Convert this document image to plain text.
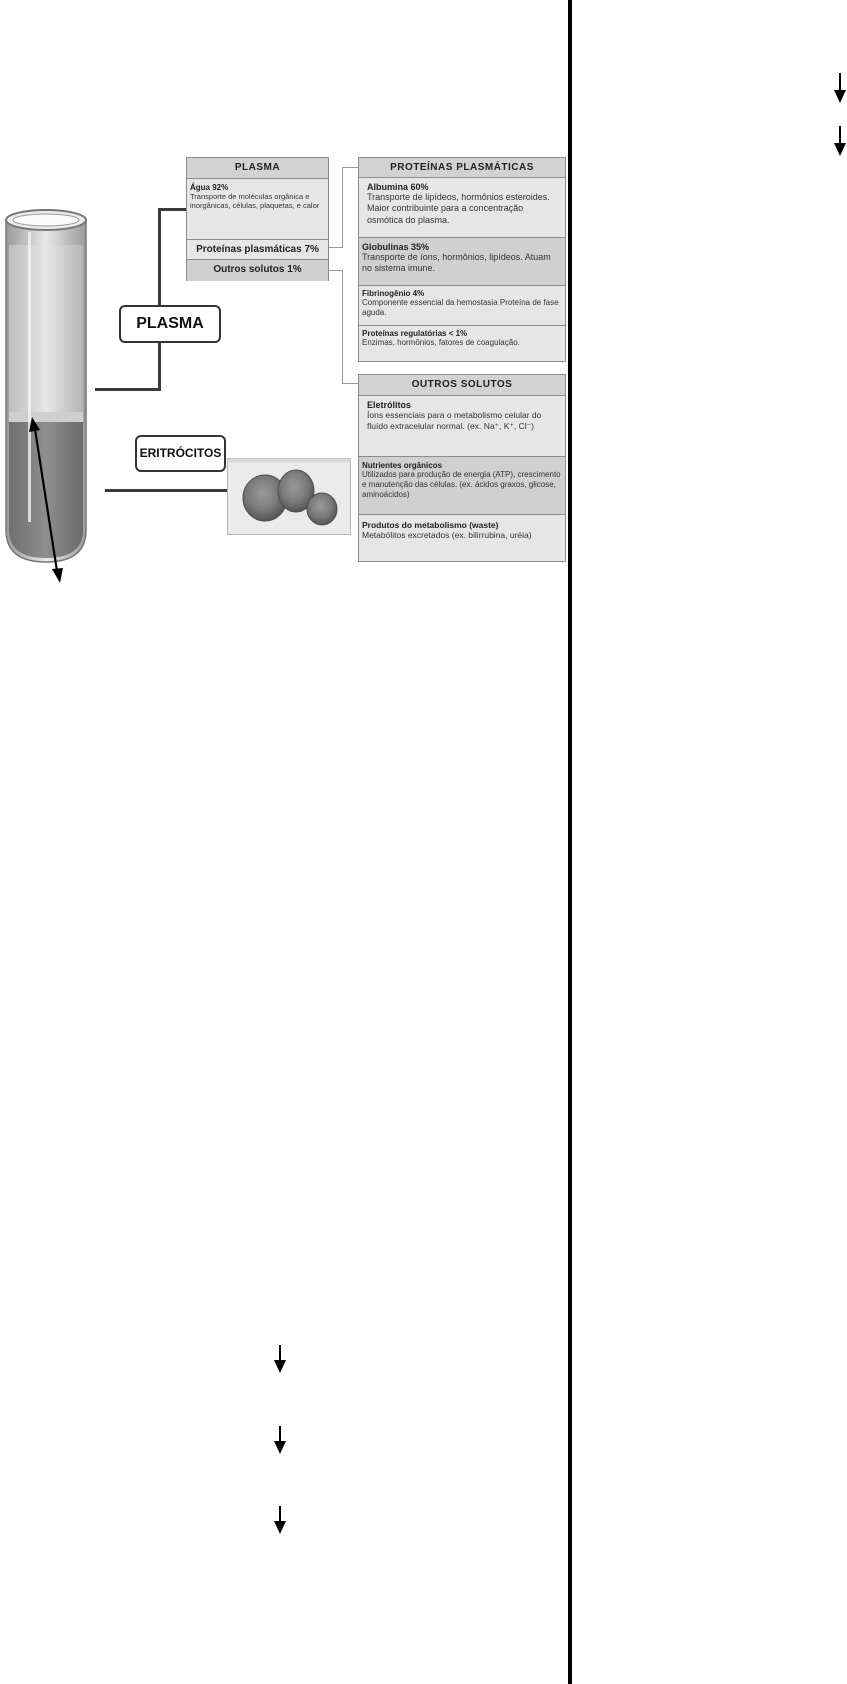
PLASMA
ERITRÓCITOS
PLASMA
Água 92%
Transporte de moléculas orgânica e inorgânicas, células, plaquetas, e calor
Proteínas plasmáticas 7%
Outros solutos 1%
PROTEÍNAS PLASMÁTICAS
Albumina 60%
Transporte de lipídeos, hormônios esteroides. Maior contribuinte para a concentração osmótica do plasma.
Globulinas 35%
Transporte de íons, hormônios, lipídeos. Atuam no sistema imune.
Fibrinogênio 4%
Componente essencial da hemostasia Proteína de fase aguda.
Proteínas regulatórias < 1%
Enzimas, hormônios, fatores de coagulação.
OUTROS SOLUTOS
Eletrólitos
Íons essenciais para o metabolismo celular do fluído extracelular normal. (ex. Na⁺, K⁺, Cl⁻)
Nutrientes orgânicos
Utilizados para produção de energia (ATP), crescimento e manutenção das células. (ex. ácidos graxos, glicose, aminoácidos)
Produtos do metabolismo (waste)
Metabólitos excretados (ex. bilirrubina, uréia)
